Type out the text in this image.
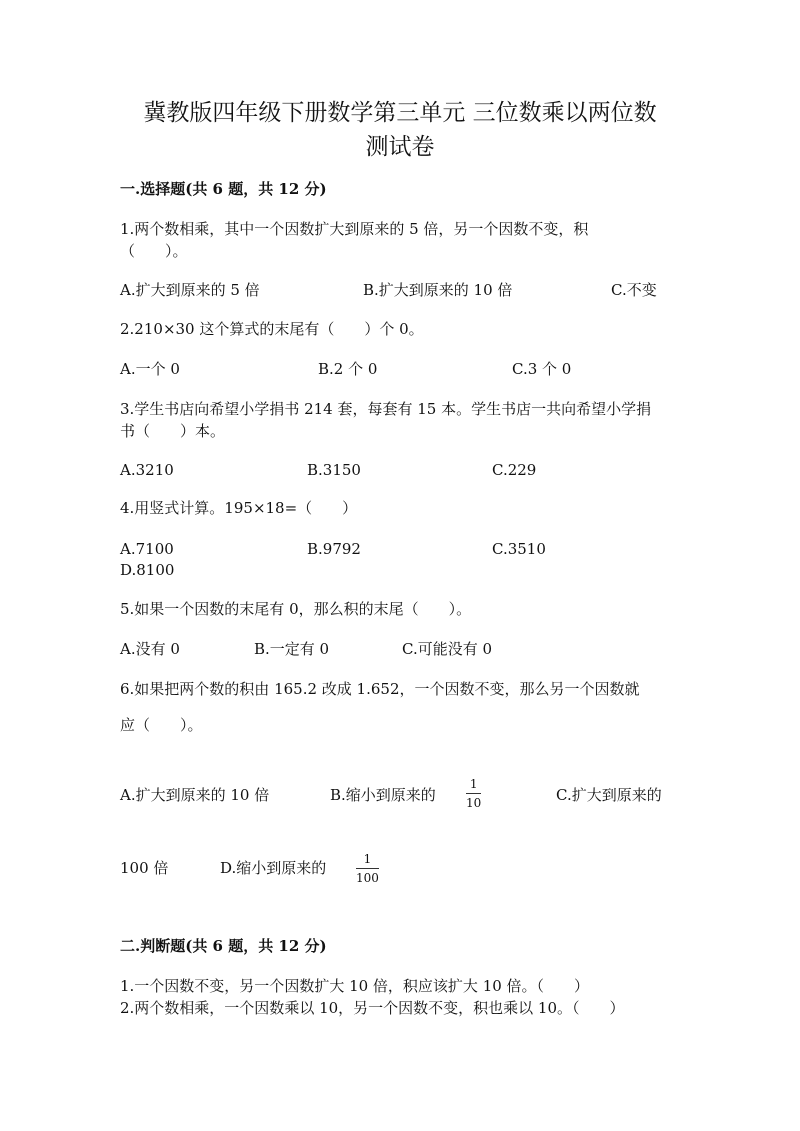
冀教版四年级下册数学第三单元 三位数乘以两位数
测试卷
一.选择题(共 6 题，共 12 分)
1.两个数相乘，其中一个因数扩大到原来的 5 倍，另一个因数不变，积
（　　）。
A.扩大到原来的 5 倍	B.扩大到原来的 10 倍	C.不变
2.210×30 这个算式的末尾有（　　）个 0。
A.一个 0	B.2 个 0	C.3 个 0
3.学生书店向希望小学捐书 214 套，每套有 15 本。学生书店一共向希望小学捐
书（　　）本。
A.3210	B.3150	C.229
4.用竖式计算。195×18=（　　）
A.7100	B.9792	C.3510
D.8100
5.如果一个因数的末尾有 0，那么积的末尾（　　）。
A.没有 0	B.一定有 0	C.可能没有 0
6.如果把两个数的积由 165.2 改成 1.652，一个因数不变，那么另一个因数就
应（　　）。
A.扩大到原来的 10 倍	B.缩小到原来的
1
10	C.扩大到原来的
100 倍	D.缩小到原来的	1
100
二.判断题(共 6 题，共 12 分)
1.一个因数不变，另一个因数扩大 10 倍，积应该扩大 10 倍。（　　）
2.两个数相乘，一个因数乘以 10，另一个因数不变，积也乘以 10。（　　）
